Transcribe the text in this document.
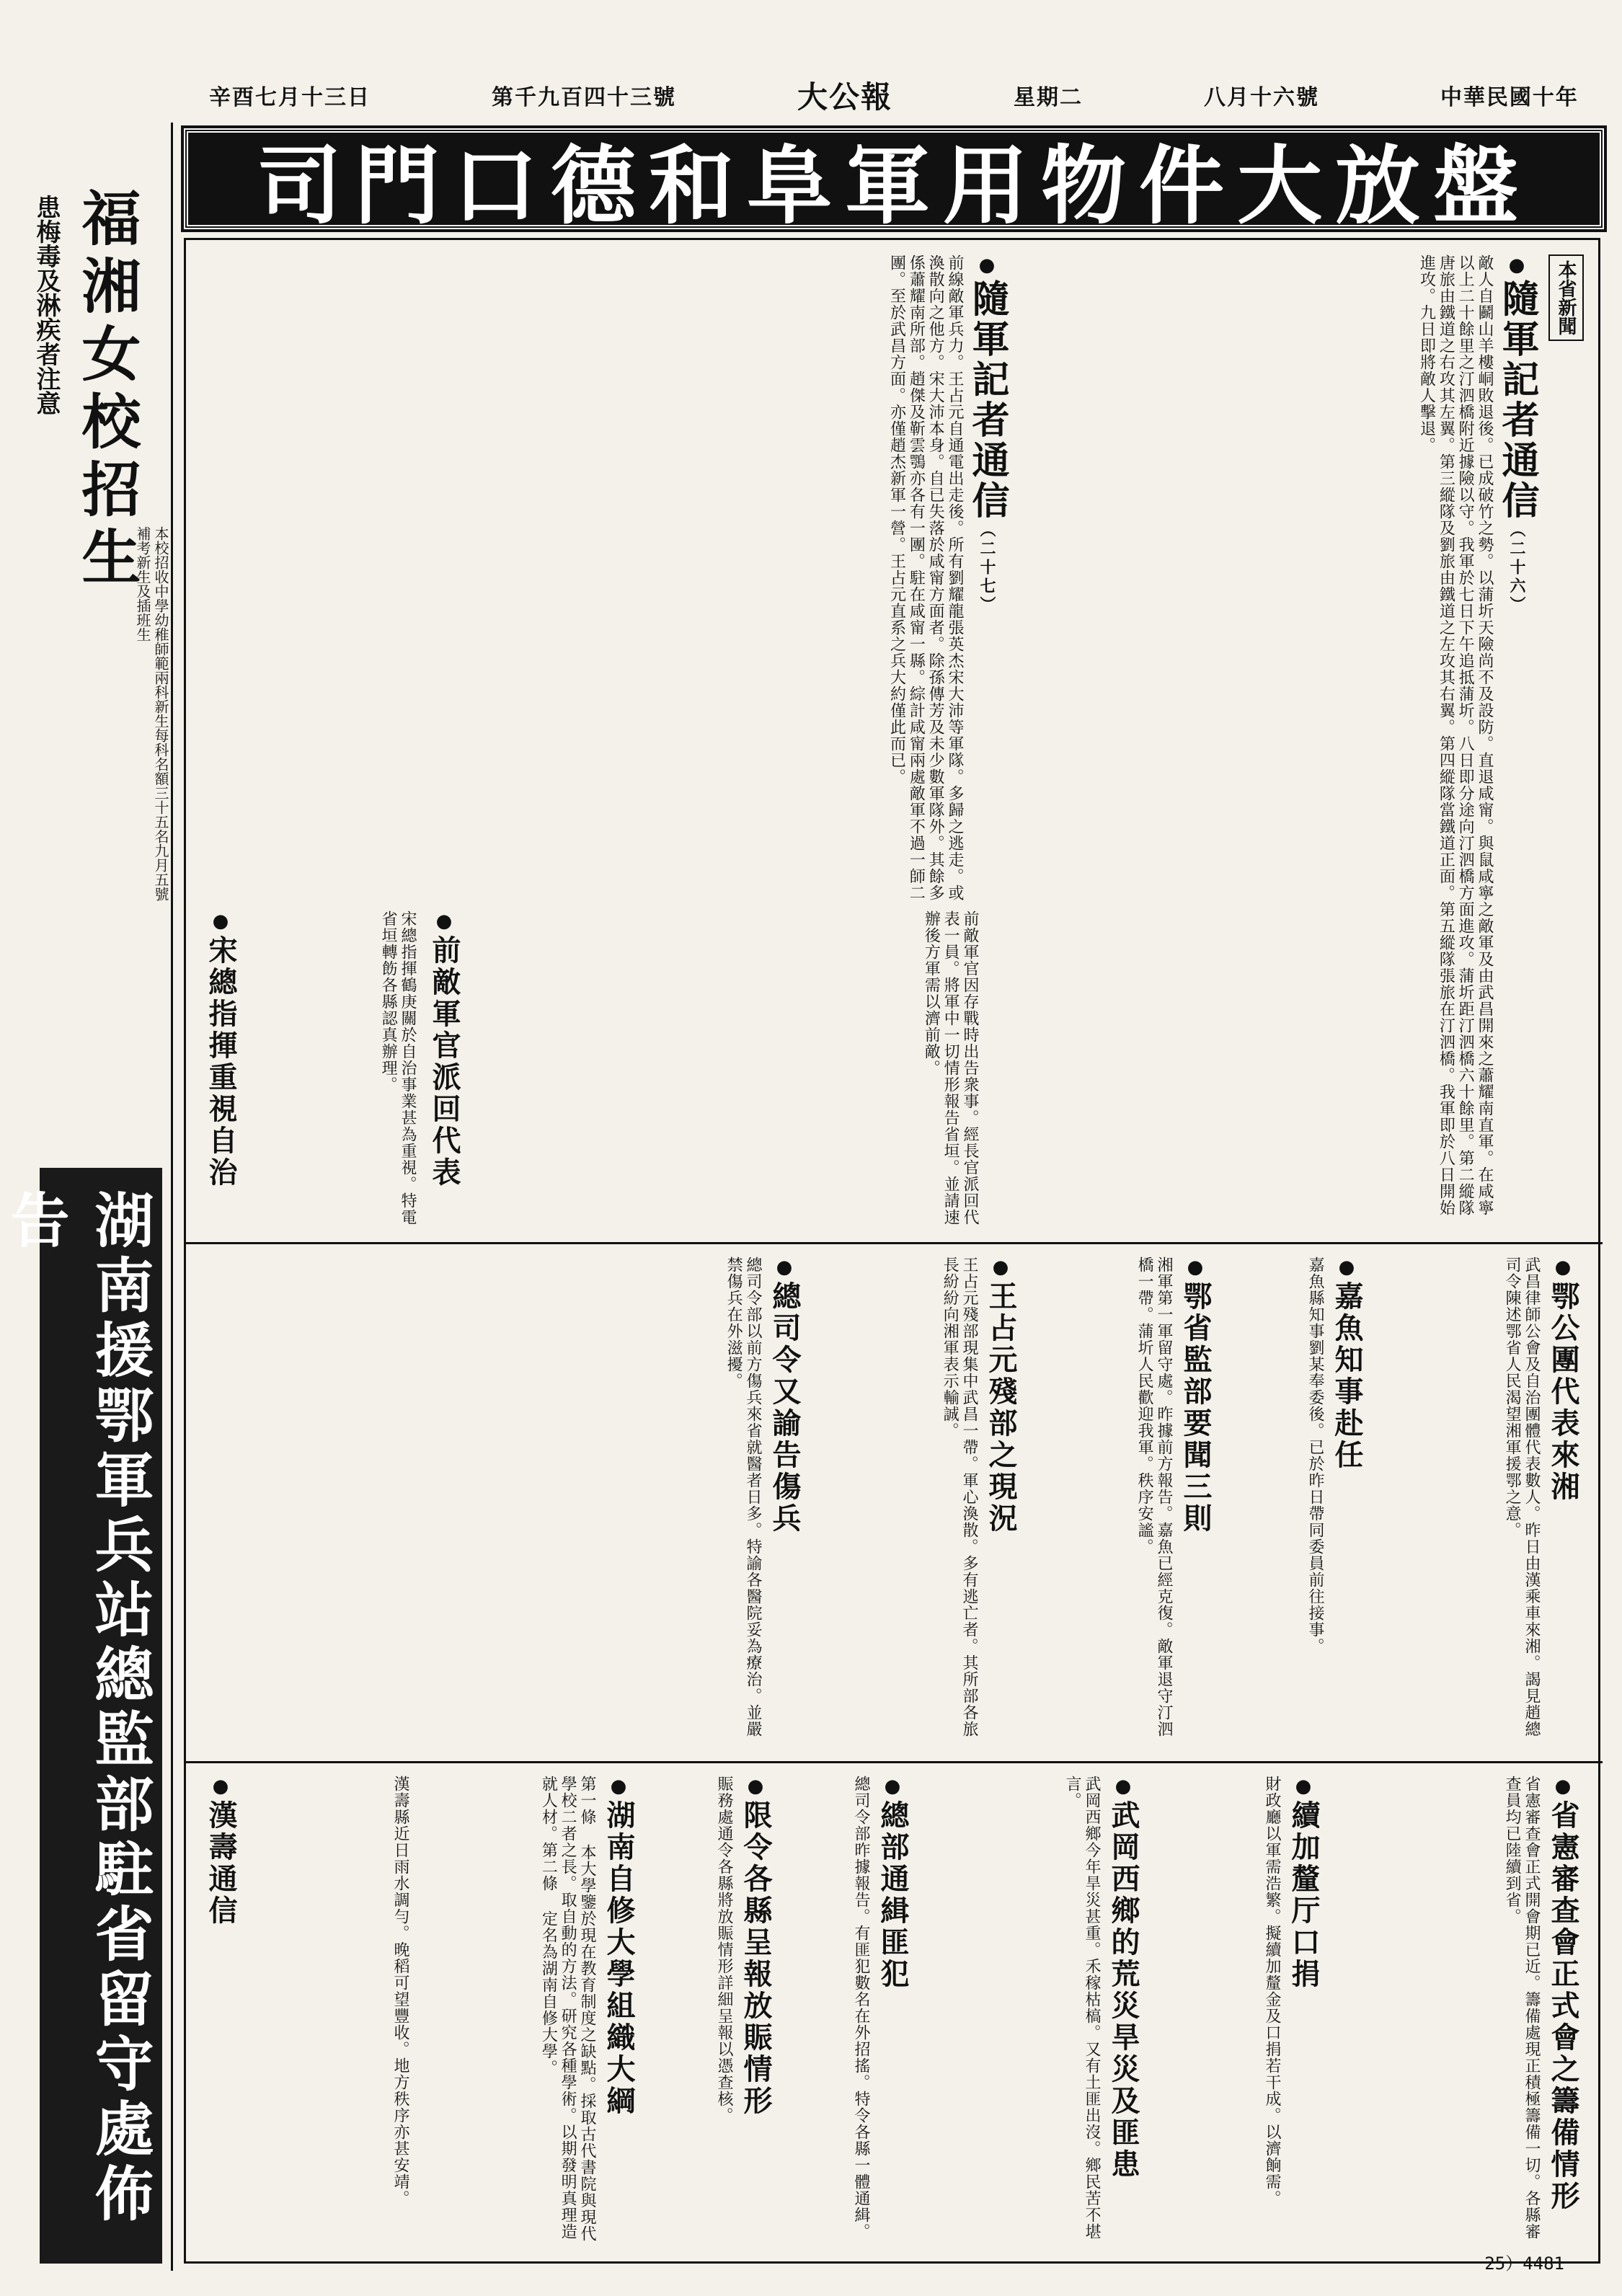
辛酉七月十三日	第千九百四十三號	大公報	星期二	八月十六號	中華民國十年
司門口德和阜軍用物件大放盤
福湘女校招生
患梅毒及淋疾者注意
本校招收中學幼稚師範兩科新生每科名額三十五名九月五號補考新生及插班生
湖南援鄂軍兵站總監部駐省留守處佈告
本省新聞
● 隨軍記者通信（二十六）
敵人自鬬山羊樓峒敗退後。已成破竹之勢。以蒲圻天險尚不及設防。直退咸甯。與鼠咸寧之敵軍及由武昌開來之蕭耀南直軍。在咸寧以上二十餘里之汀泗橋附近據險以守。我軍於七日下午追抵蒲圻。八日即分途向汀泗橋方面進攻。蒲圻距汀泗橋六十餘里。第二縱隊唐旅由鐵道之右攻其左翼。第三縱隊及劉旅由鐵道之左攻其右翼。第四縱隊當鐵道正面。第五縱隊張旅在汀泗橋。我軍即於八日開始進攻。九日即將敵人擊退。
● 隨軍記者通信（二十七）
前線敵軍兵力。王占元自通電出走後。所有劉耀龍張英杰宋大沛等軍隊。多歸之逃走。或渙散向之他方。宋大沛本身。自已失落於咸甯方面者。除孫傳芳及未少數軍隊外。其餘多係蕭耀南所部。趙傑及靳雲鶚亦各有一團。駐在咸甯一縣。綜計咸甯兩處敵軍不過一師二團。至於武昌方面。亦僅趙杰新軍一營。王占元直系之兵大約僅此而已。
● 前敵軍官派回代表	前敵軍官因存戰時出告衆事。經長官派回代表一員。將軍中一切情形報告省垣。並請速辦後方軍需以濟前敵。
● 宋總指揮重視自治	宋總指揮鶴庚關於自治事業甚為重視。特電省垣轉飭各縣認真辦理。
● 鄂公團代表來湘
武昌律師公會及自治團體代表數人。昨日由漢乘車來湘。謁見趙總司令陳述鄂省人民渴望湘軍援鄂之意。
● 嘉魚知事赴任
嘉魚縣知事劉某奉委後。已於昨日帶同委員前往接事。
● 鄂省監部要聞三則
湘軍第一軍留守處。昨據前方報告。嘉魚已經克復。敵軍退守汀泗橋一帶。蒲圻人民歡迎我軍。秩序安謐。
● 王占元殘部之現況
王占元殘部現集中武昌一帶。軍心渙散。多有逃亡者。其所部各旅長紛紛向湘軍表示輸誠。
● 總司令又諭告傷兵
總司令部以前方傷兵來省就醫者日多。特諭各醫院妥為療治。並嚴禁傷兵在外滋擾。
● 省憲審查會正式會之籌備情形
省憲審查會正式開會期已近。籌備處現正積極籌備一切。各縣審查員均已陸續到省。
● 續加釐厅口捐
財政廳以軍需浩繁。擬續加釐金及口捐若干成。以濟餉需。
● 武岡西鄉的荒災旱災及匪患
武岡西鄉今年旱災甚重。禾稼枯槁。又有土匪出沒。鄉民苦不堪言。
● 總部通緝匪犯
總司令部昨據報告。有匪犯數名在外招搖。特令各縣一體通緝。
● 限令各縣呈報放賑情形
賑務處通令各縣將放賑情形詳細呈報以憑查核。
● 湖南自修大學組織大綱
第一條 本大學鑒於現在教育制度之缺點。採取古代書院與現代學校二者之長。取自動的方法。研究各種學術。以期發明真理造就人材。第二條 定名為湖南自修大學。
● 漢壽通信	漢壽縣近日雨水調勻。晚稻可望豐收。地方秩序亦甚安靖。
25）4481
